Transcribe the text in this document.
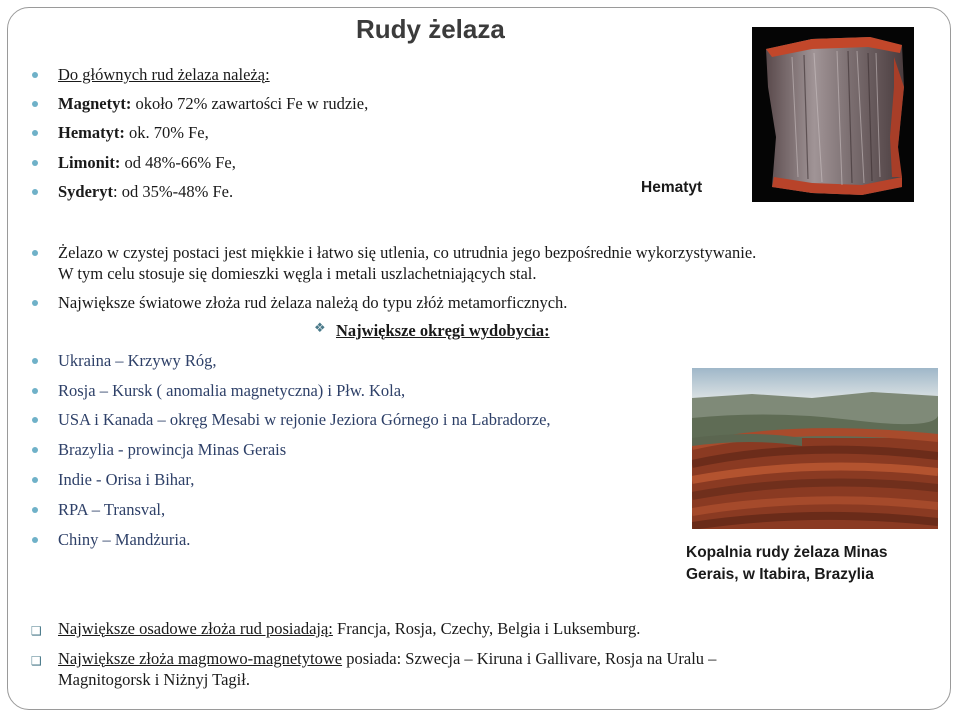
Rudy żelaza
Do głównych rud żelaza należą:
Magnetyt: około 72% zawartości Fe w rudzie,
Hematyt: ok. 70% Fe,
Limonit: od 48%-66% Fe,
Syderyt: od 35%-48% Fe.
Żelazo w czystej postaci jest miękkie i łatwo się utlenia, co utrudnia jego bezpośrednie wykorzystywanie.
W tym celu stosuje się domieszki węgla i metali uszlachetniających stal.
Największe światowe złoża rud żelaza należą do typu złóż metamorficznych.
❖ Największe okręgi wydobycia:
Ukraina – Krzywy Róg,
Rosja – Kursk ( anomalia magnetyczna) i Płw. Kola,
USA i Kanada – okręg Mesabi w rejonie Jeziora Górnego i na Labradorze,
Brazylia - prowincja Minas Gerais
Indie - Orisa i Bihar,
RPA – Transval,
Chiny – Mandżuria.
❑ Największe osadowe złoża rud posiadają: Francja, Rosja, Czechy, Belgia i Luksemburg.
❑ Największe złoża magmowo-magnetytowe posiada: Szwecja – Kiruna i Gallivare, Rosja na Uralu –
Magnitogorsk i Niżnyj Tagił.
Hematyt
Kopalnia rudy żelaza Minas
Gerais, w Itabira, Brazylia
